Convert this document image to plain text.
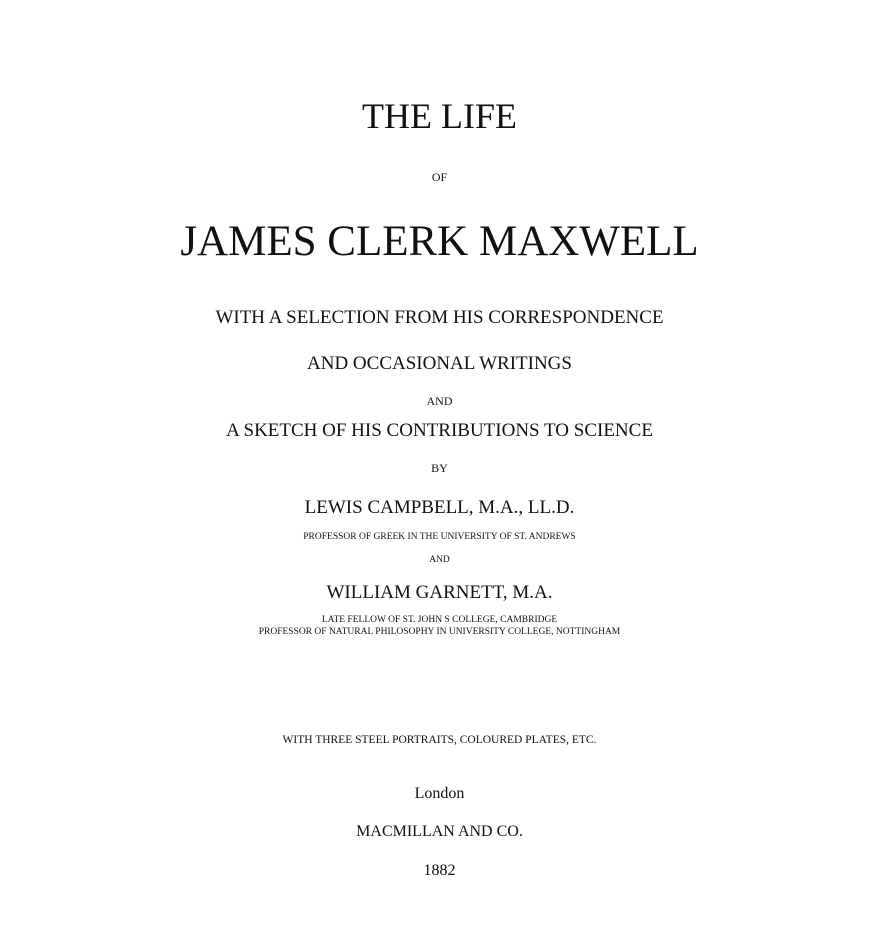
THE LIFE
OF
JAMES CLERK MAXWELL
WITH A SELECTION FROM HIS CORRESPONDENCE
AND OCCASIONAL WRITINGS
AND
A SKETCH OF HIS CONTRIBUTIONS TO SCIENCE
BY
LEWIS CAMPBELL, M.A., LL.D.
PROFESSOR OF GREEK IN THE UNIVERSITY OF ST. ANDREWS
AND
WILLIAM GARNETT, M.A.
LATE FELLOW OF ST. JOHN S COLLEGE, CAMBRIDGE
PROFESSOR OF NATURAL PHILOSOPHY IN UNIVERSITY COLLEGE, NOTTINGHAM
WITH THREE STEEL PORTRAITS, COLOURED PLATES, ETC.
London
MACMILLAN AND CO.
1882
